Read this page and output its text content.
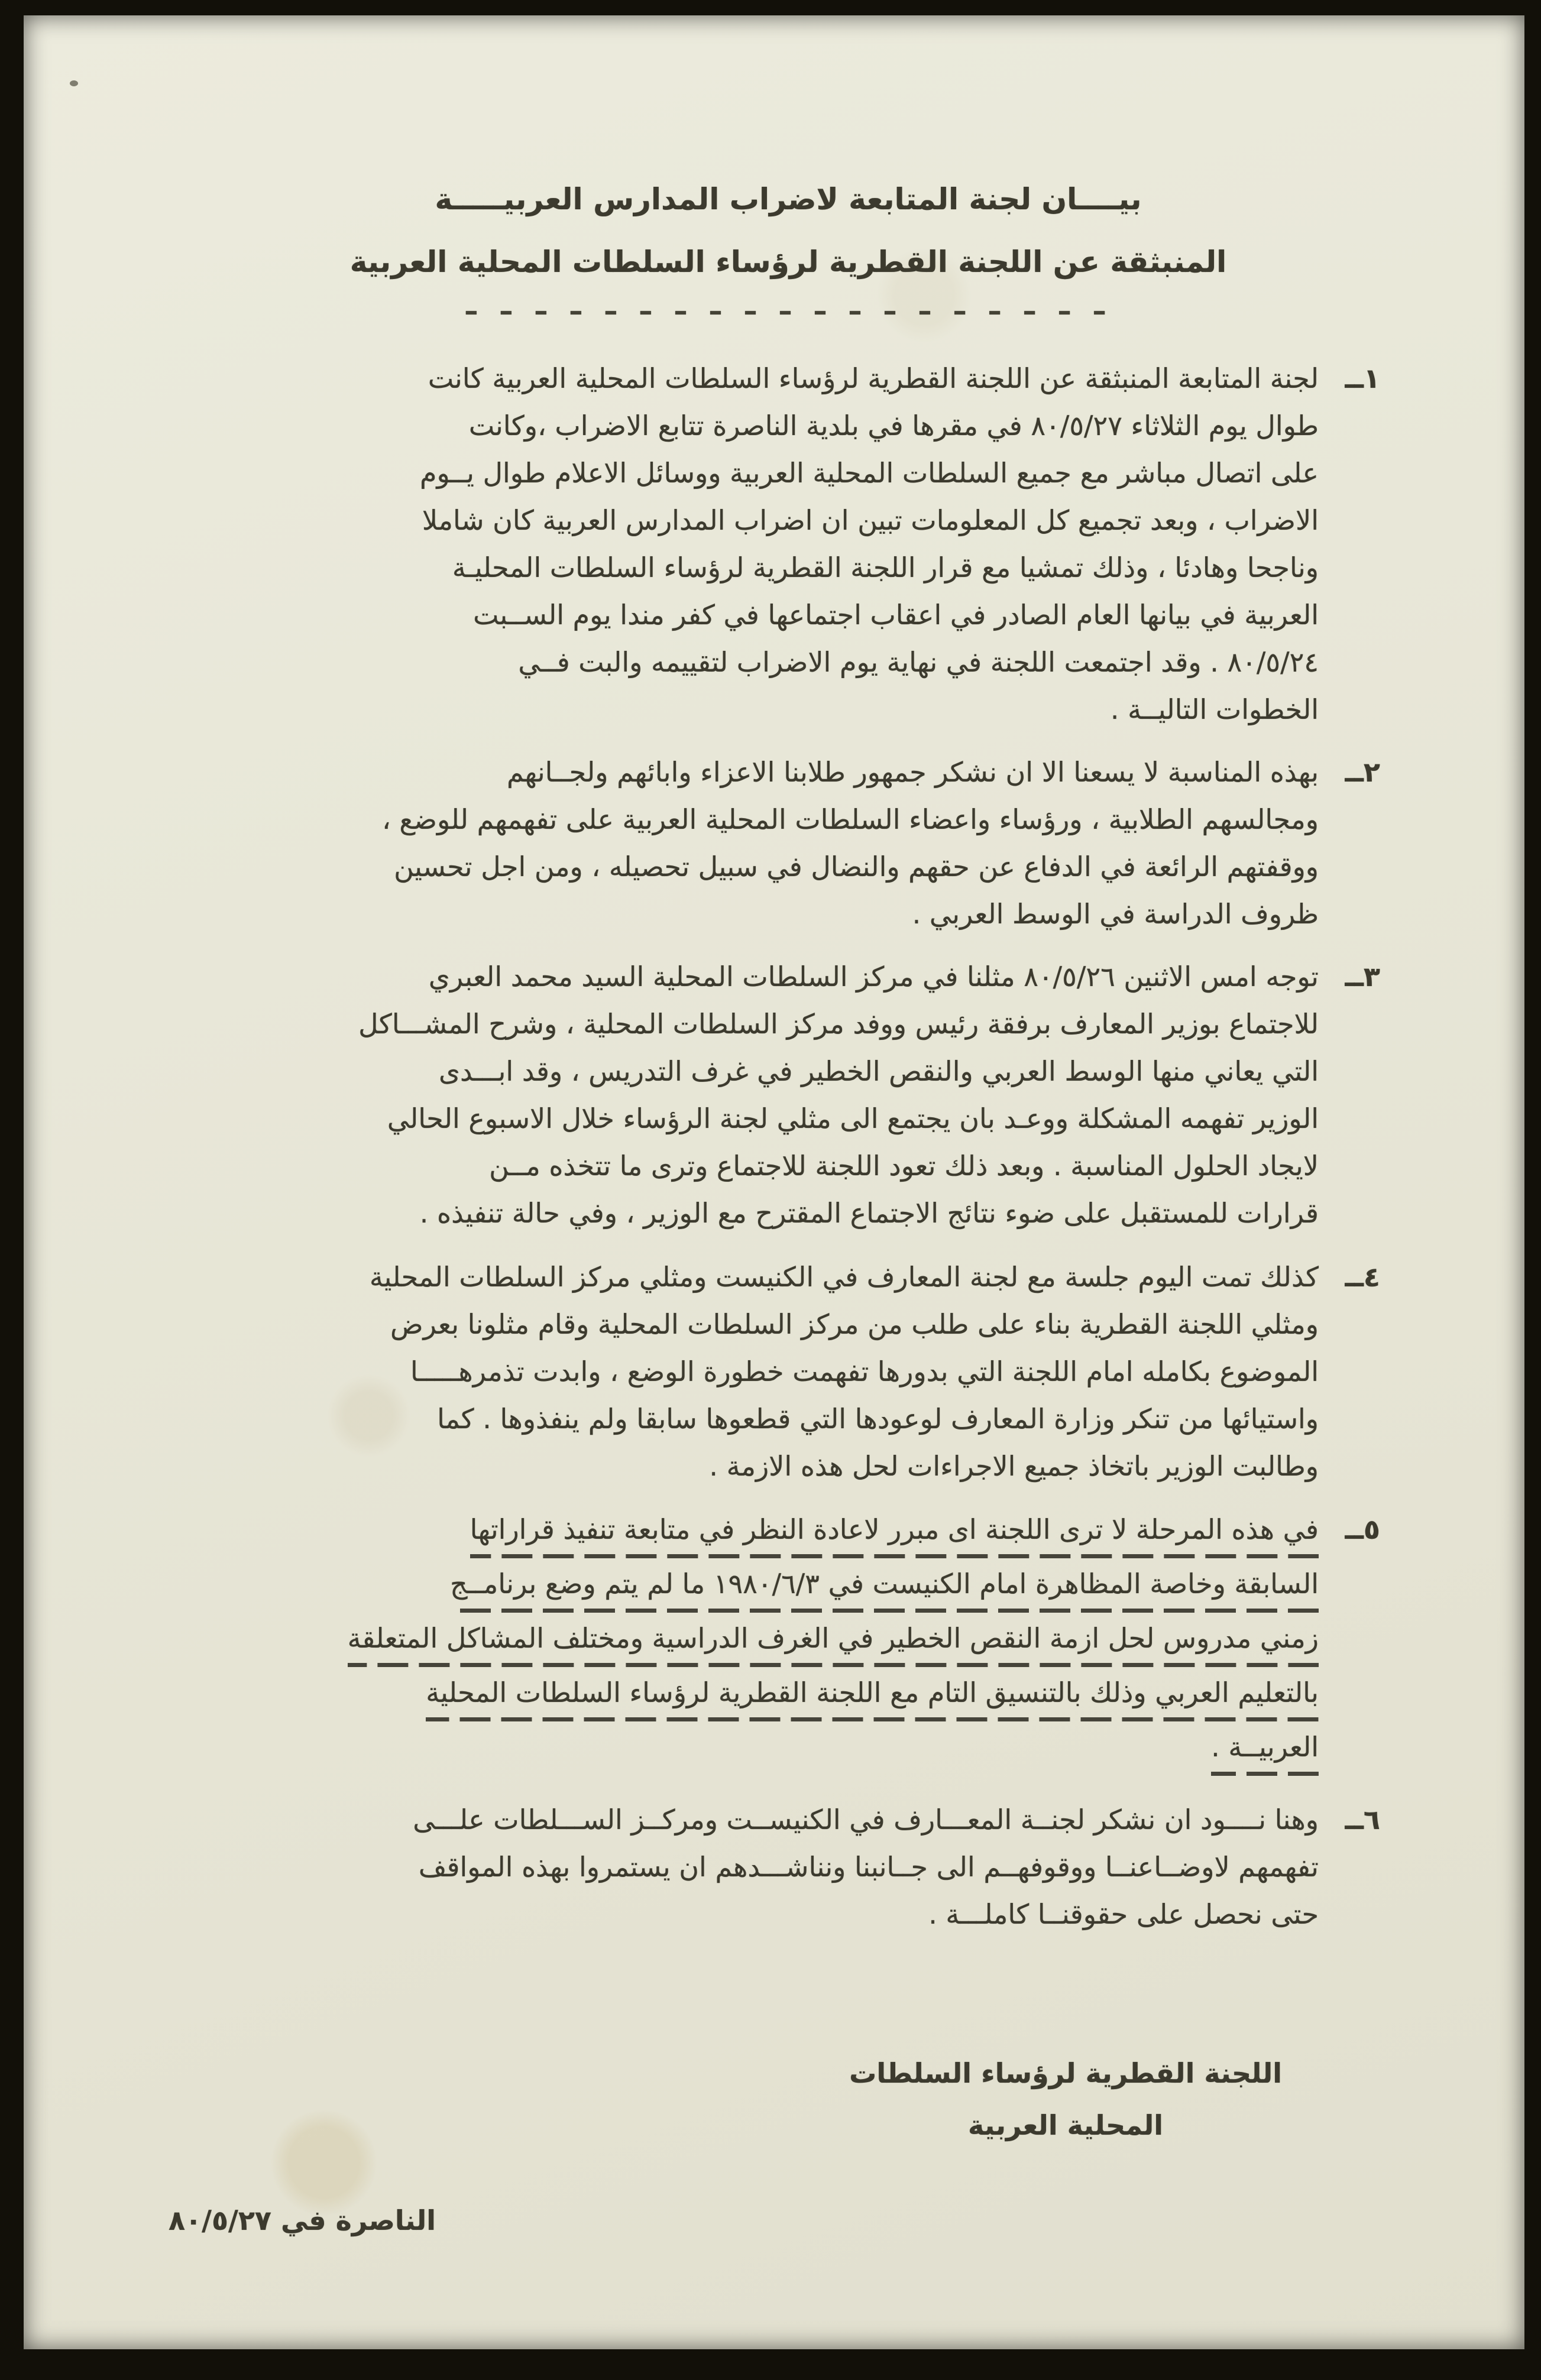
بيــــان لجنة المتابعة لاضراب المدارس العربيـــــة
المنبثقة عن اللجنة القطرية لرؤساء السلطات المحلية العربية
– – – – – – – – – – – – – – – – – – –
١ــ
لجنة المتابعة المنبثقة عن اللجنة القطرية لرؤساء السلطات المحلية العربية كانت
طوال يوم الثلاثاء ٨٠/٥/٢٧ في مقرها في بلدية الناصرة تتابع الاضراب ،وكانت
على اتصال مباشر مع جميع السلطات المحلية العربية ووسائل الاعلام طوال يــوم
الاضراب ، وبعد تجميع كل المعلومات تبين ان اضراب المدارس العربية كان شاملا
وناجحا وهادئا ، وذلك تمشيا مع قرار اللجنة القطرية لرؤساء السلطات المحليـة
العربية في بيانها العام الصادر في اعقاب اجتماعها في كفر مندا يوم الســبت
٨٠/٥/٢٤ . وقد اجتمعت اللجنة في نهاية يوم الاضراب لتقييمه والبت فــي
الخطوات التاليــة .
٢ــ
بهذه المناسبة لا يسعنا الا ان نشكر جمهور طلابنا الاعزاء وابائهم ولجــانهم
ومجالسهم الطلابية ، ورؤساء واعضاء السلطات المحلية العربية على تفهمهم للوضع ،
ووقفتهم الرائعة في الدفاع عن حقهم والنضال في سبيل تحصيله ، ومن اجل تحسين
ظروف الدراسة في الوسط العربي .
٣ــ
توجه امس الاثنين ٨٠/٥/٢٦ مثلنا في مركز السلطات المحلية السيد محمد العبري
للاجتماع بوزير المعارف برفقة رئيس ووفد مركز السلطات المحلية ، وشرح المشـــاكل
التي يعاني منها الوسط العربي والنقص الخطير في غرف التدريس ، وقد ابـــدى
الوزير تفهمه المشكلة ووعـد بان يجتمع الى مثلي لجنة الرؤساء خلال الاسبوع الحالي
لايجاد الحلول المناسبة . وبعد ذلك تعود اللجنة للاجتماع وترى ما تتخذه مــن
قرارات للمستقبل على ضوء نتائج الاجتماع المقترح مع الوزير ، وفي حالة تنفيذه .
٤ــ
كذلك تمت اليوم جلسة مع لجنة المعارف في الكنيست ومثلي مركز السلطات المحلية
ومثلي اللجنة القطرية بناء على طلب من مركز السلطات المحلية وقام مثلونا بعرض
الموضوع بكامله امام اللجنة التي بدورها تفهمت خطورة الوضع ، وابدت تذمرهـــــا
واستيائها من تنكر وزارة المعارف لوعودها التي قطعوها سابقا ولم ينفذوها . كما
وطالبت الوزير باتخاذ جميع الاجراءات لحل هذه الازمة .
٥ــ
في هذه المرحلة لا ترى اللجنة اى مبرر لاعادة النظر في متابعة تنفيذ قراراتها
السابقة وخاصة المظاهرة امام الكنيست في ١٩٨٠/٦/٣ ما لم يتم وضع برنامــج
زمني مدروس لحل ازمة النقص الخطير في الغرف الدراسية ومختلف المشاكل المتعلقة
بالتعليم العربي وذلك بالتنسيق التام مع اللجنة القطرية لرؤساء السلطات المحلية
العربيــة .
٦ــ
وهنا نــــود ان نشكر لجنــة المعـــارف في الكنيســت ومركــز الســـلطات علـــى
تفهمهم لاوضــاعنــا ووقوفهــم الى جــانبنا ونناشـــدهم ان يستمروا بهذه المواقف
حتى نحصل على حقوقنــا كاملـــة .
اللجنة القطرية لرؤساء السلطات
المحلية العربية
الناصرة في ٨٠/٥/٢٧
